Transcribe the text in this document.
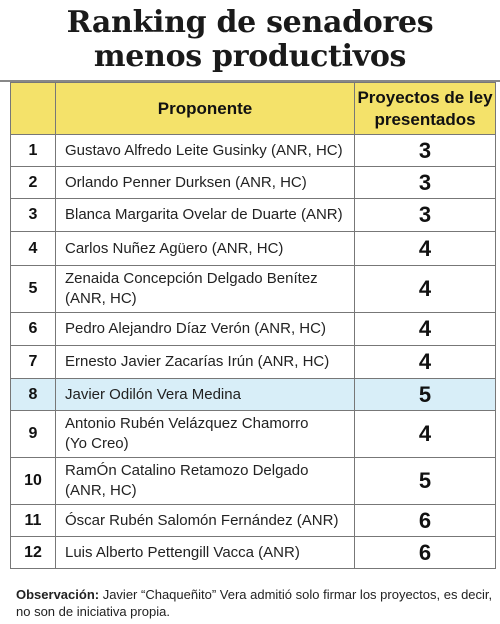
Ranking de senadores
menos productivos
	Proponente	Proyectos de ley
presentados

1	Gustavo Alfredo Leite Gusinky (ANR, HC)	3
2	Orlando Penner Durksen (ANR, HC)	3
3	Blanca Margarita Ovelar de Duarte (ANR)	3
4	Carlos Nuñez Agüero (ANR, HC)	4
5	Zenaida Concepción Delgado Benítez
(ANR, HC)	4
6	Pedro Alejandro Díaz Verón (ANR, HC)	4
7	Ernesto Javier Zacarías Irún (ANR, HC)	4
8	Javier Odilón Vera Medina	5
9	Antonio Rubén Velázquez Chamorro
(Yo Creo)	4
10	RamÓn Catalino Retamozo Delgado
(ANR, HC)	5
11	Óscar Rubén Salomón Fernández (ANR)	6
12	Luis Alberto Pettengill Vacca (ANR)	6
Observación: Javier “Chaqueñito” Vera admitió solo firmar los proyectos, es decir, no son de iniciativa propia.
